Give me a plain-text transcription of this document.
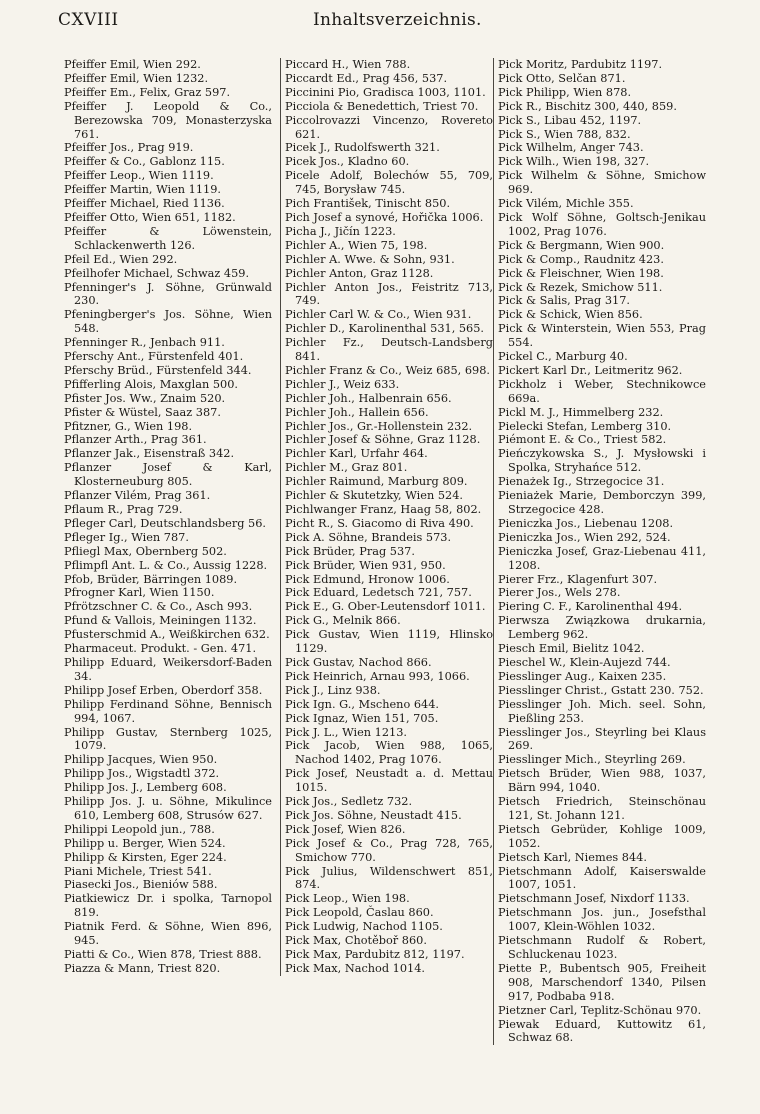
CXVIII	Inhaltsverzeichnis.
Pfeiffer Emil, Wien 292.
Pfeiffer Emil, Wien 1232.
Pfeiffer Em., Felix, Graz 597.
Pfeiffer J. Leopold & Co., Berezowska 709, Monasterzyska 761.
Pfeiffer Jos., Prag 919.
Pfeiffer & Co., Gablonz 115.
Pfeiffer Leop., Wien 1119.
Pfeiffer Martin, Wien 1119.
Pfeiffer Michael, Ried 1136.
Pfeiffer Otto, Wien 651, 1182.
Pfeiffer & Löwenstein, Schlackenwerth 126.
Pfeil Ed., Wien 292.
Pfeilhofer Michael, Schwaz 459.
Pfenninger's J. Söhne, Grünwald 230.
Pfeningberger's Jos. Söhne, Wien 548.
Pfenninger R., Jenbach 911.
Pferschy Ant., Fürstenfeld 401.
Pferschy Brüd., Fürstenfeld 344.
Pfifferling Alois, Maxglan 500.
Pfister Jos. Ww., Znaim 520.
Pfister & Wüstel, Saaz 387.
Pfitzner, G., Wien 198.
Pflanzer Arth., Prag 361.
Pflanzer Jak., Eisenstraß 342.
Pflanzer Josef & Karl, Klosterneuburg 805.
Pflanzer Vilém, Prag 361.
Pflaum R., Prag 729.
Pfleger Carl, Deutschlandsberg 56.
Pfleger Ig., Wien 787.
Pfliegl Max, Obernberg 502.
Pflimpfl Ant. L. & Co., Aussig 1228.
Pfob, Brüder, Bärringen 1089.
Pfrogner Karl, Wien 1150.
Pfrötzschner C. & Co., Asch 993.
Pfund & Vallois, Meiningen 1132.
Pfusterschmid A., Weißkirchen 632.
Pharmaceut. Produkt. - Gen. 471.
Philipp Eduard, Weikersdorf-Baden 34.
Philipp Josef Erben, Oberdorf 358.
Philipp Ferdinand Söhne, Bennisch 994, 1067.
Philipp Gustav, Sternberg 1025, 1079.
Philipp Jacques, Wien 950.
Philipp Jos., Wigstadtl 372.
Philipp Jos. J., Lemberg 608.
Philipp Jos. J. u. Söhne, Mikulince 610, Lemberg 608, Strusów 627.
Philippi Leopold jun., 788.
Philipp u. Berger, Wien 524.
Philipp & Kirsten, Eger 224.
Piani Michele, Triest 541.
Piasecki Jos., Bieniów 588.
Piatkiewicz Dr. i spolka, Tarnopol 819.
Piatnik Ferd. & Söhne, Wien 896, 945.
Piatti & Co., Wien 878, Triest 888.
Piazza & Mann, Triest 820.
Piccard H., Wien 788.
Piccardt Ed., Prag 456, 537.
Piccinini Pio, Gradisca 1003, 1101.
Picciola & Benedettich, Triest 70.
Piccolrovazzi Vincenzo, Rovereto 621.
Picek J., Rudolfswerth 321.
Picek Jos., Kladno 60.
Picele Adolf, Bolechów 55, 709, 745, Borysław 745.
Pich František, Tinischt 850.
Pich Josef a synové, Hořička 1006.
Picha J., Jičín 1223.
Pichler A., Wien 75, 198.
Pichler A. Wwe. & Sohn, 931.
Pichler Anton, Graz 1128.
Pichler Anton Jos., Feistritz 713, 749.
Pichler Carl W. & Co., Wien 931.
Pichler D., Karolinenthal 531, 565.
Pichler Fz., Deutsch-Landsberg 841.
Pichler Franz & Co., Weiz 685, 698.
Pichler J., Weiz 633.
Pichler Joh., Halbenrain 656.
Pichler Joh., Hallein 656.
Pichler Jos., Gr.-Hollenstein 232.
Pichler Josef & Söhne, Graz 1128.
Pichler Karl, Urfahr 464.
Pichler M., Graz 801.
Pichler Raimund, Marburg 809.
Pichler & Skutetzky, Wien 524.
Pichlwanger Franz, Haag 58, 802.
Picht R., S. Giacomo di Riva 490.
Pick A. Söhne, Brandeis 573.
Pick Brüder, Prag 537.
Pick Brüder, Wien 931, 950.
Pick Edmund, Hronow 1006.
Pick Eduard, Ledetsch 721, 757.
Pick E., G. Ober-Leutensdorf 1011.
Pick G., Melnik 866.
Pick Gustav, Wien 1119, Hlinsko 1129.
Pick Gustav, Nachod 866.
Pick Heinrich, Arnau 993, 1066.
Pick J., Linz 938.
Pick Ign. G., Mscheno 644.
Pick Ignaz, Wien 151, 705.
Pick J. L., Wien 1213.
Pick Jacob, Wien 988, 1065, Nachod 1402, Prag 1076.
Pick Josef, Neustadt a. d. Mettau 1015.
Pick Jos., Sedletz 732.
Pick Jos. Söhne, Neustadt 415.
Pick Josef, Wien 826.
Pick Josef & Co., Prag 728, 765, Smichow 770.
Pick Julius, Wildenschwert 851, 874.
Pick Leop., Wien 198.
Pick Leopold, Časlau 860.
Pick Ludwig, Nachod 1105.
Pick Max, Chotěboř 860.
Pick Max, Pardubitz 812, 1197.
Pick Max, Nachod 1014.
Pick Moritz, Pardubitz 1197.
Pick Otto, Selčan 871.
Pick Philipp, Wien 878.
Pick R., Bischitz 300, 440, 859.
Pick S., Libau 452, 1197.
Pick S., Wien 788, 832.
Pick Wilhelm, Anger 743.
Pick Wilh., Wien 198, 327.
Pick Wilhelm & Söhne, Smichow 969.
Pick Vilém, Michle 355.
Pick Wolf Söhne, Goltsch-Jenikau 1002, Prag 1076.
Pick & Bergmann, Wien 900.
Pick & Comp., Raudnitz 423.
Pick & Fleischner, Wien 198.
Pick & Rezek, Smichow 511.
Pick & Salis, Prag 317.
Pick & Schick, Wien 856.
Pick & Winterstein, Wien 553, Prag 554.
Pickel C., Marburg 40.
Pickert Karl Dr., Leitmeritz 962.
Pickholz i Weber, Stechnikowce 669a.
Pickl M. J., Himmelberg 232.
Pielecki Stefan, Lemberg 310.
Piémont E. & Co., Triest 582.
Pieńczykowska S., J. Mysłowski i Spolka, Stryhańce 512.
Pienażek Ig., Strzegocice 31.
Pieniażek Marie, Demborczyn 399, Strzegocice 428.
Pieniczka Jos., Liebenau 1208.
Pieniczka Jos., Wien 292, 524.
Pieniczka Josef, Graz-Liebenau 411, 1208.
Pierer Frz., Klagenfurt 307.
Pierer Jos., Wels 278.
Piering C. F., Karolinenthal 494.
Pierwsza Związkowa drukarnia, Lemberg 962.
Piesch Emil, Bielitz 1042.
Pieschel W., Klein-Aujezd 744.
Piesslinger Aug., Kaixen 235.
Piesslinger Christ., Gstatt 230. 752.
Piesslinger Joh. Mich. seel. Sohn, Pießling 253.
Piesslinger Jos., Steyrling bei Klaus 269.
Piesslinger Mich., Steyrling 269.
Pietsch Brüder, Wien 988, 1037, Bärn 994, 1040.
Pietsch Friedrich, Steinschönau 121, St. Johann 121.
Pietsch Gebrüder, Kohlige 1009, 1052.
Pietsch Karl, Niemes 844.
Pietschmann Adolf, Kaiserswalde 1007, 1051.
Pietschmann Josef, Nixdorf 1133.
Pietschmann Jos. jun., Josefsthal 1007, Klein-Wöhlen 1032.
Pietschmann Rudolf & Robert, Schluckenau 1023.
Piette P., Bubentsch 905, Freiheit 908, Marschendorf 1340, Pilsen 917, Podbaba 918.
Pietzner Carl, Teplitz-Schönau 970.
Piewak Eduard, Kuttowitz 61, Schwaz 68.
